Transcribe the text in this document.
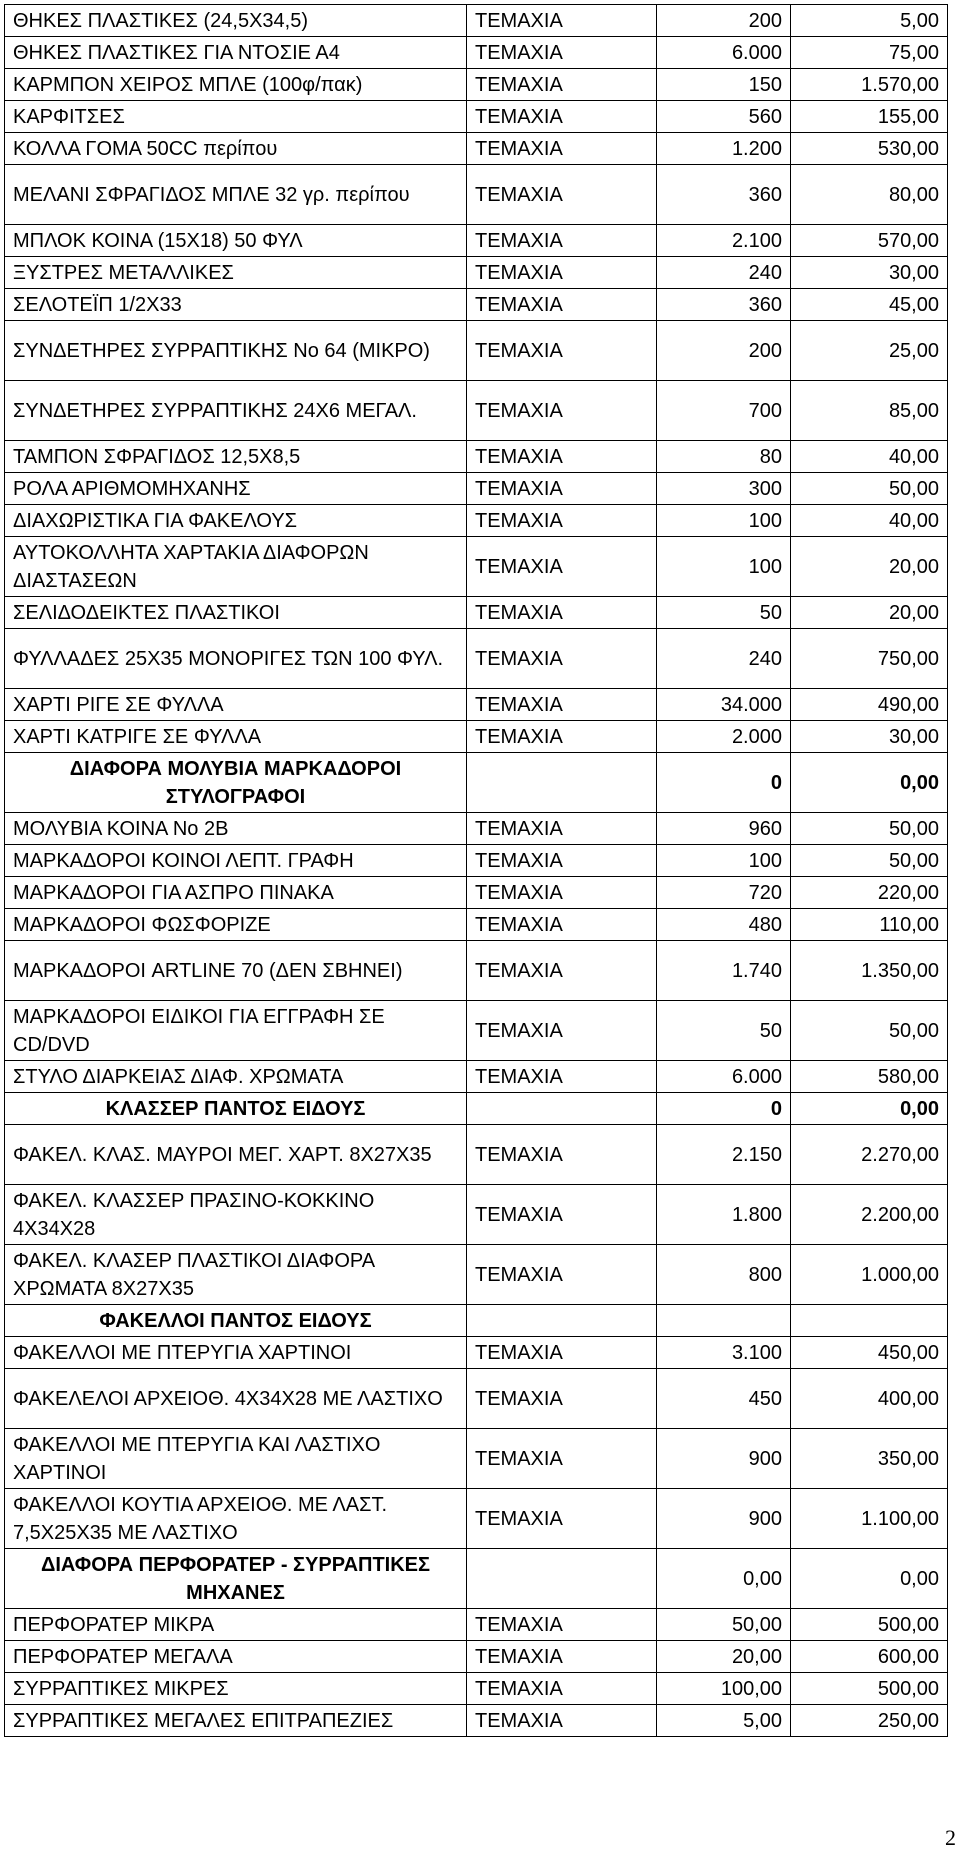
ΘΗΚΕΣ ΠΛΑΣΤΙΚΕΣ (24,5Χ34,5)	ΤΕΜΑΧΙΑ	200	5,00
ΘΗΚΕΣ ΠΛΑΣΤΙΚΕΣ ΓΙΑ ΝΤΟΣΙΕ Α4	ΤΕΜΑΧΙΑ	6.000	75,00
ΚΑΡΜΠΟΝ ΧΕΙΡΟΣ ΜΠΛΕ (100φ/πακ)	ΤΕΜΑΧΙΑ	150	1.570,00
ΚΑΡΦΙΤΣΕΣ	ΤΕΜΑΧΙΑ	560	155,00
ΚΟΛΛΑ ΓΟΜΑ 50CC περίπου	ΤΕΜΑΧΙΑ	1.200	530,00
ΜΕΛΑΝΙ ΣΦΡΑΓΙΔΟΣ ΜΠΛΕ 32 γρ. περίπου	ΤΕΜΑΧΙΑ	360	80,00
ΜΠΛΟΚ ΚΟΙΝΑ (15Χ18) 50 ΦΥΛ	ΤΕΜΑΧΙΑ	2.100	570,00
ΞΥΣΤΡΕΣ ΜΕΤΑΛΛΙΚΕΣ	ΤΕΜΑΧΙΑ	240	30,00
ΣΕΛΟΤΕΪΠ 1/2Χ33	ΤΕΜΑΧΙΑ	360	45,00
ΣΥΝΔΕΤΗΡΕΣ ΣΥΡΡΑΠΤΙΚΗΣ Νο 64 (ΜΙΚΡΟ)	ΤΕΜΑΧΙΑ	200	25,00
ΣΥΝΔΕΤΗΡΕΣ ΣΥΡΡΑΠΤΙΚΗΣ 24Χ6 ΜΕΓΑΛ.	ΤΕΜΑΧΙΑ	700	85,00
ΤΑΜΠΟΝ ΣΦΡΑΓΙΔΟΣ 12,5Χ8,5	ΤΕΜΑΧΙΑ	80	40,00
ΡΟΛΑ ΑΡΙΘΜΟΜΗΧΑΝΗΣ	ΤΕΜΑΧΙΑ	300	50,00
ΔΙΑΧΩΡΙΣΤΙΚΑ ΓΙΑ ΦΑΚΕΛΟΥΣ	ΤΕΜΑΧΙΑ	100	40,00
ΑΥΤΟΚΟΛΛΗΤΑ ΧΑΡΤΑΚΙΑ ΔΙΑΦΟΡΩΝ ΔΙΑΣΤΑΣΕΩΝ	ΤΕΜΑΧΙΑ	100	20,00
ΣΕΛΙΔΟΔΕΙΚΤΕΣ ΠΛΑΣΤΙΚΟΙ	ΤΕΜΑΧΙΑ	50	20,00
ΦΥΛΛΑΔΕΣ 25Χ35 ΜΟΝΟΡΙΓΕΣ ΤΩΝ 100 ΦΥΛ.	ΤΕΜΑΧΙΑ	240	750,00
ΧΑΡΤΙ ΡΙΓΕ ΣΕ ΦΥΛΛΑ	ΤΕΜΑΧΙΑ	34.000	490,00
ΧΑΡΤΙ ΚΑΤΡΙΓΕ ΣΕ ΦΥΛΛΑ	ΤΕΜΑΧΙΑ	2.000	30,00
ΔΙΑΦΟΡΑ ΜΟΛΥΒΙΑ ΜΑΡΚΑΔΟΡΟΙ ΣΤΥΛΟΓΡΑΦΟΙ		0	0,00
ΜΟΛΥΒΙΑ ΚΟΙΝΑ Νο 2Β	ΤΕΜΑΧΙΑ	960	50,00
ΜΑΡΚΑΔΟΡΟΙ ΚΟΙΝΟΙ ΛΕΠΤ. ΓΡΑΦΗ	ΤΕΜΑΧΙΑ	100	50,00
ΜΑΡΚΑΔΟΡΟΙ ΓΙΑ ΑΣΠΡΟ ΠΙΝΑΚΑ	ΤΕΜΑΧΙΑ	720	220,00
ΜΑΡΚΑΔΟΡΟΙ ΦΩΣΦΟΡΙΖΕ	ΤΕΜΑΧΙΑ	480	110,00
ΜΑΡΚΑΔΟΡΟΙ ARTLINE 70 (ΔΕΝ ΣΒΗΝΕΙ)	ΤΕΜΑΧΙΑ	1.740	1.350,00
ΜΑΡΚΑΔΟΡΟΙ ΕΙΔΙΚΟΙ ΓΙΑ ΕΓΓΡΑΦΗ ΣΕ CD/DVD	ΤΕΜΑΧΙΑ	50	50,00
ΣΤΥΛΟ ΔΙΑΡΚΕΙΑΣ ΔΙΑΦ. ΧΡΩΜΑΤΑ	ΤΕΜΑΧΙΑ	6.000	580,00
ΚΛΑΣΣΕΡ ΠΑΝΤΟΣ ΕΙΔΟΥΣ		0	0,00
ΦΑΚΕΛ. ΚΛΑΣ. ΜΑΥΡΟΙ ΜΕΓ. ΧΑΡΤ. 8Χ27Χ35	ΤΕΜΑΧΙΑ	2.150	2.270,00
ΦΑΚΕΛ. ΚΛΑΣΣΕΡ ΠΡΑΣΙΝΟ-ΚΟΚΚΙΝΟ 4Χ34Χ28	ΤΕΜΑΧΙΑ	1.800	2.200,00
ΦΑΚΕΛ. ΚΛΑΣΕΡ ΠΛΑΣΤΙΚΟΙ ΔΙΑΦΟΡΑ ΧΡΩΜΑΤΑ 8Χ27Χ35	ΤΕΜΑΧΙΑ	800	1.000,00
ΦΑΚΕΛΛΟΙ ΠΑΝΤΟΣ ΕΙΔΟΥΣ			
ΦΑΚΕΛΛΟΙ ΜΕ ΠΤΕΡΥΓΙΑ ΧΑΡΤΙΝΟΙ	ΤΕΜΑΧΙΑ	3.100	450,00
ΦΑΚΕΛΕΛΟΙ ΑΡΧΕΙΟΘ. 4Χ34Χ28 ΜΕ ΛΑΣΤΙΧΟ	ΤΕΜΑΧΙΑ	450	400,00
ΦΑΚΕΛΛΟΙ ΜΕ ΠΤΕΡΥΓΙΑ ΚΑΙ ΛΑΣΤΙΧΟ ΧΑΡΤΙΝΟΙ	ΤΕΜΑΧΙΑ	900	350,00
ΦΑΚΕΛΛΟΙ ΚΟΥΤΙΑ ΑΡΧΕΙΟΘ. ΜΕ ΛΑΣΤ. 7,5Χ25Χ35 ΜΕ ΛΑΣΤΙΧΟ	ΤΕΜΑΧΙΑ	900	1.100,00
ΔΙΑΦΟΡΑ ΠΕΡΦΟΡΑΤΕΡ - ΣΥΡΡΑΠΤΙΚΕΣ ΜΗΧΑΝΕΣ		0,00	0,00
ΠΕΡΦΟΡΑΤΕΡ ΜΙΚΡΑ	ΤΕΜΑΧΙΑ	50,00	500,00
ΠΕΡΦΟΡΑΤΕΡ ΜΕΓΑΛΑ	ΤΕΜΑΧΙΑ	20,00	600,00
ΣΥΡΡΑΠΤΙΚΕΣ ΜΙΚΡΕΣ	ΤΕΜΑΧΙΑ	100,00	500,00
ΣΥΡΡΑΠΤΙΚΕΣ ΜΕΓΑΛΕΣ ΕΠΙΤΡΑΠΕΖΙΕΣ	ΤΕΜΑΧΙΑ	5,00	250,00
2
